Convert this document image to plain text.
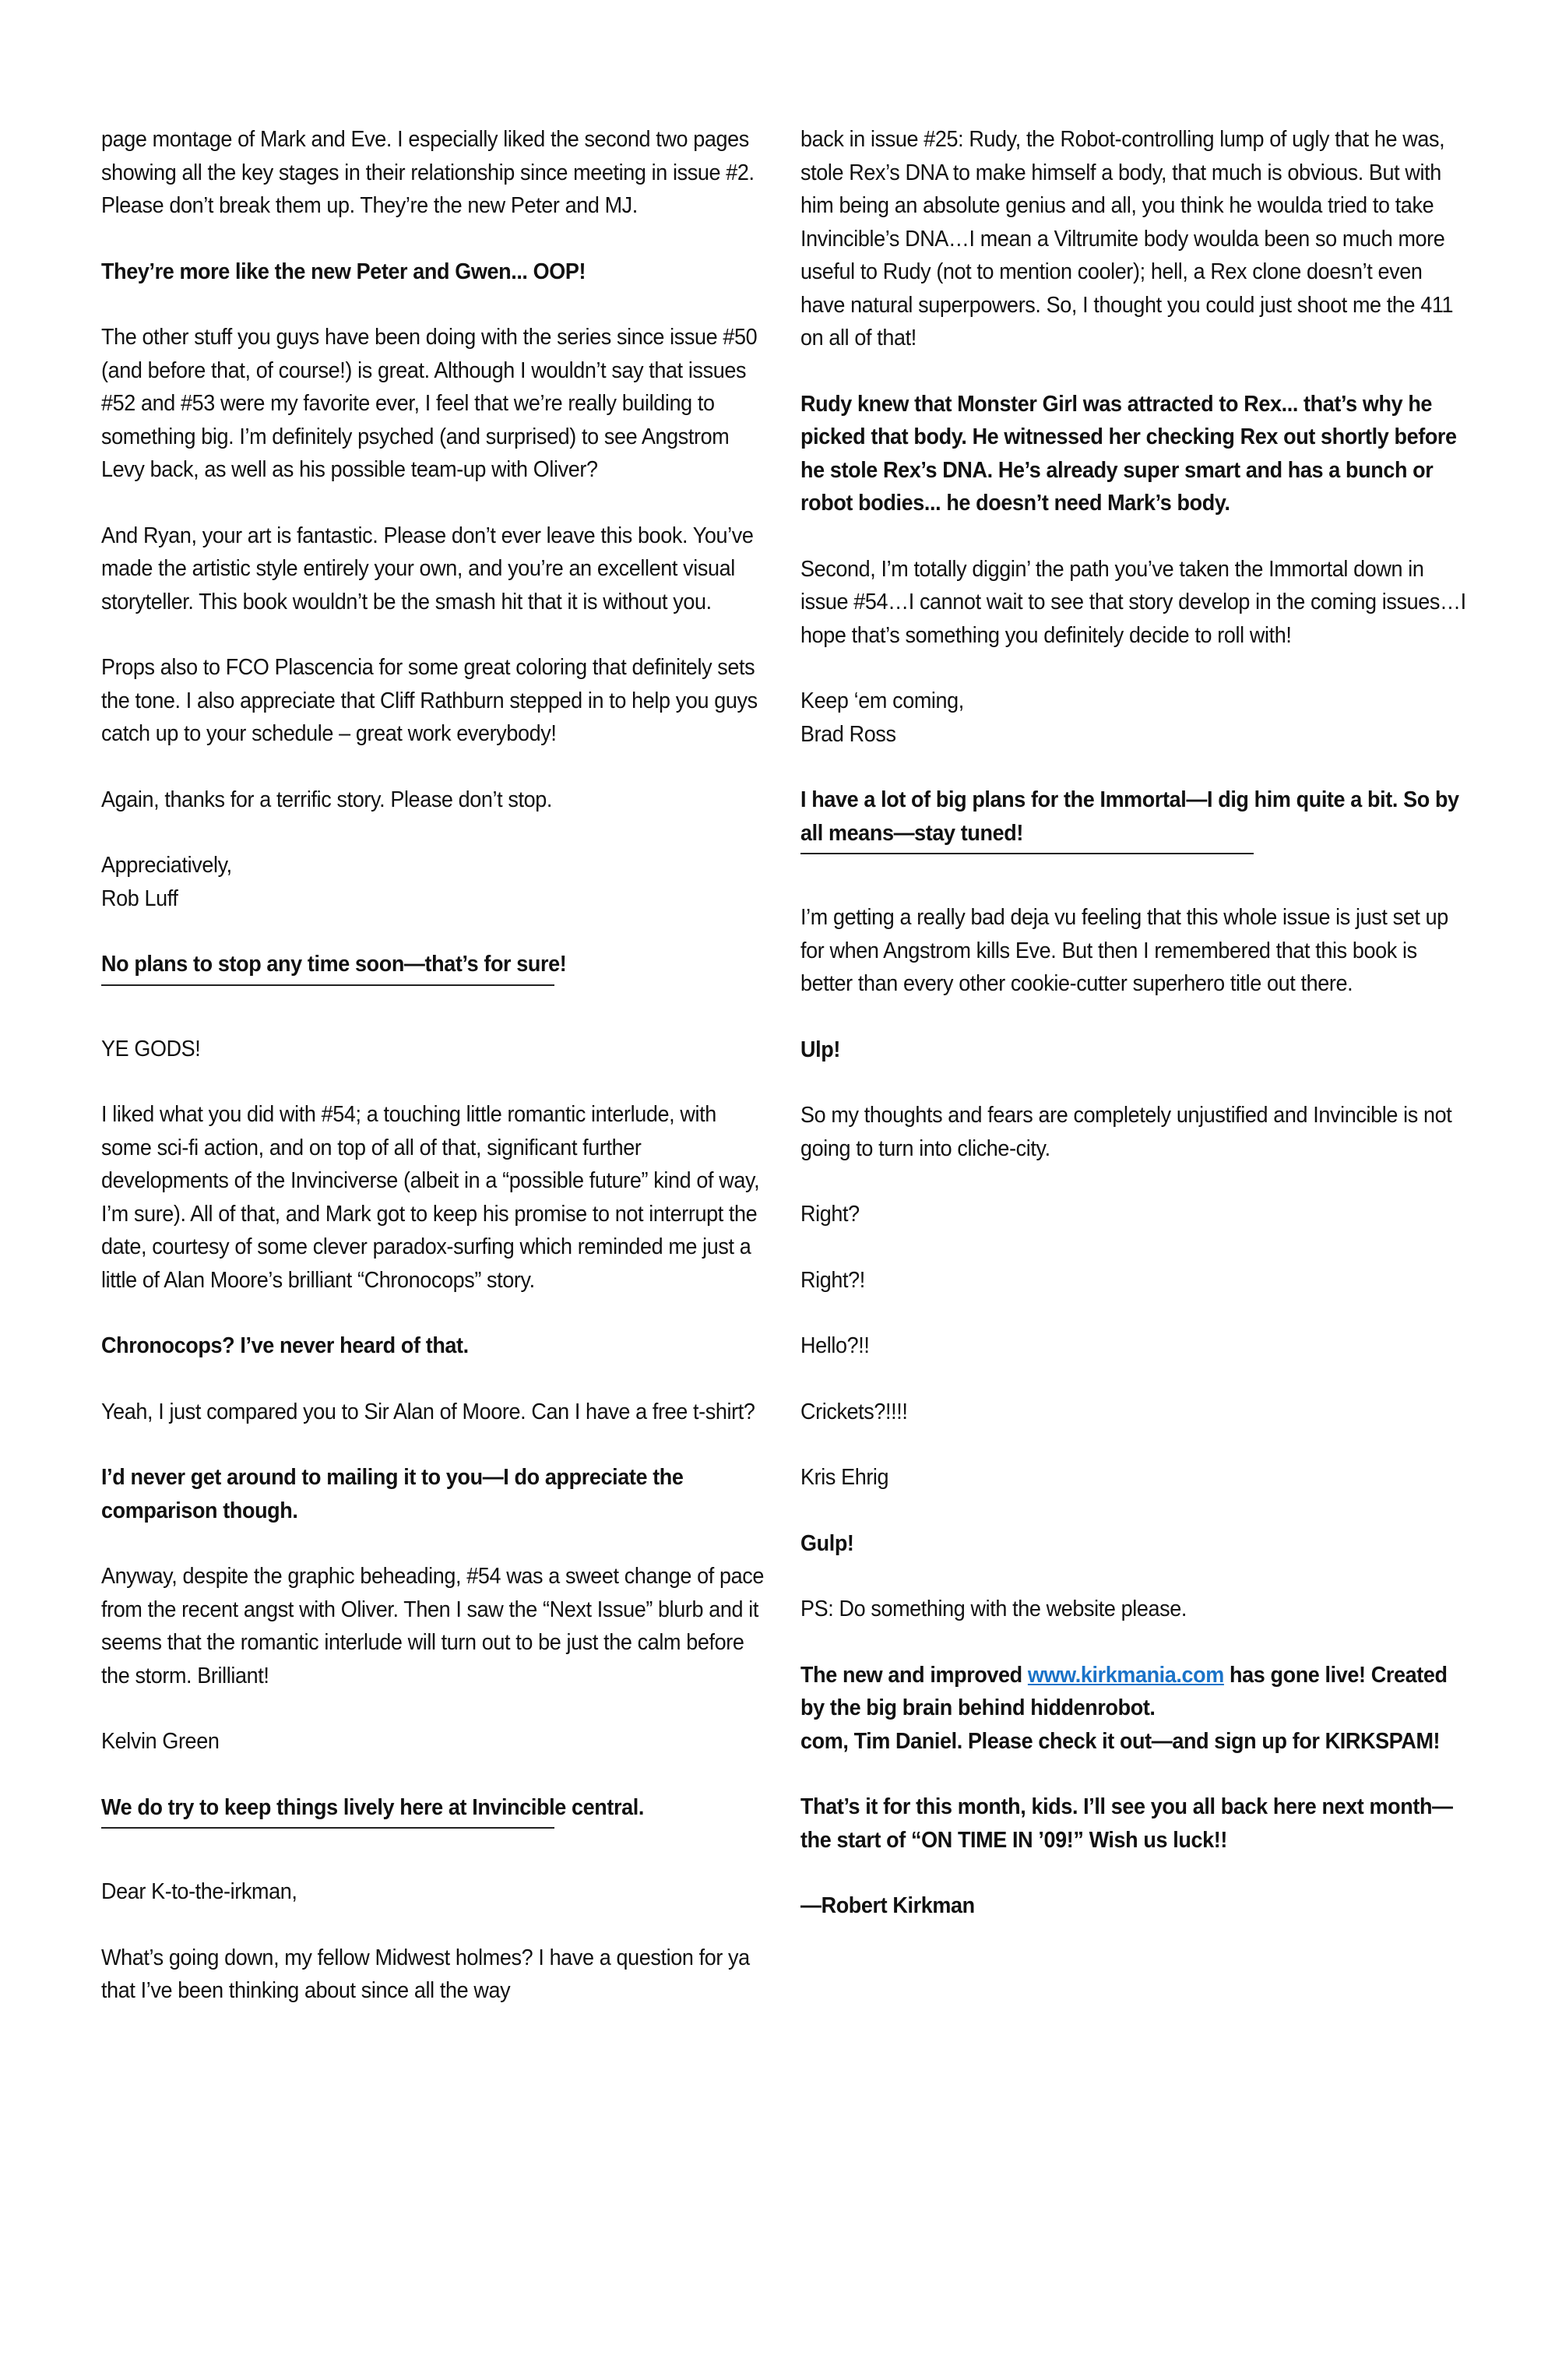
page montage of Mark and Eve. I especially liked the second two pages showing all the key stages in their relationship since meeting in issue #2. Please don’t break them up. They’re the new Peter and MJ.

They’re more like the new Peter and Gwen... OOP!

The other stuff you guys have been doing with the series since issue #50 (and before that, of course!) is great. Although I wouldn’t say that issues #52 and #53 were my favorite ever, I feel that we’re really building to something big. I’m definitely psyched (and surprised) to see Angstrom Levy back, as well as his possible team-up with Oliver?

And Ryan, your art is fantastic. Please don’t ever leave this book. You’ve made the artistic style entirely your own, and you’re an excellent visual storyteller. This book wouldn’t be the smash hit that it is without you.

Props also to FCO Plascencia for some great coloring that definitely sets the tone. I also appreciate that Cliff Rathburn stepped in to help you guys catch up to your schedule – great work everybody!

Again, thanks for a terrific story. Please don’t stop.

Appreciatively,
Rob Luff

No plans to stop any time soon—that’s for sure!

YE GODS!

I liked what you did with #54; a touching little romantic interlude, with some sci-fi action, and on top of all of that, significant further developments of the Invinciverse (albeit in a “possible future” kind of way, I’m sure). All of that, and Mark got to keep his promise to not interrupt the date, courtesy of some clever paradox-surfing which reminded me just a little of Alan Moore’s brilliant “Chronocops” story.

Chronocops? I’ve never heard of that.

Yeah, I just compared you to Sir Alan of Moore. Can I have a free t-shirt?

I’d never get around to mailing it to you—I do appreciate the comparison though.

Anyway, despite the graphic beheading, #54 was a sweet change of pace from the recent angst with Oliver. Then I saw the “Next Issue” blurb and it seems that the romantic interlude will turn out to be just the calm before the storm. Brilliant!

Kelvin Green

We do try to keep things lively here at Invincible central.

Dear K-to-the-irkman,

What’s going down, my fellow Midwest holmes? I have a question for ya that I’ve been thinking about since all the way

back in issue #25: Rudy, the Robot-controlling lump of ugly that he was, stole Rex’s DNA to make himself a body, that much is obvious. But with him being an absolute genius and all, you think he woulda tried to take Invincible’s DNA…I mean a Viltrumite body woulda been so much more useful to Rudy (not to mention cooler); hell, a Rex clone doesn’t even have natural superpowers. So, I thought you could just shoot me the 411 on all of that!

Rudy knew that Monster Girl was attracted to Rex... that’s why he picked that body. He witnessed her checking Rex out shortly before he stole Rex’s DNA. He’s already super smart and has a bunch or robot bodies... he doesn’t need Mark’s body.

Second, I’m totally diggin’ the path you’ve taken the Immortal down in issue #54…I cannot wait to see that story develop in the coming issues…I hope that’s something you definitely decide to roll with!

Keep ‘em coming,
Brad Ross

I have a lot of big plans for the Immortal—I dig him quite a bit. So by all means—stay tuned!

I’m getting a really bad deja vu feeling that this whole issue is just set up for when Angstrom kills Eve. But then I remembered that this book is better than every other cookie-cutter superhero title out there.

Ulp!

So my thoughts and fears are completely unjustified and Invincible is not going to turn into cliche-city.

Right?

Right?!

Hello?!!

Crickets?!!!!

Kris Ehrig

Gulp!

PS: Do something with the website please.

The new and improved www.kirkmania.com has gone live! Created by the big brain behind hiddenrobot.
com, Tim Daniel. Please check it out—and sign up for KIRKSPAM!

That’s it for this month, kids. I’ll see you all back here next month—the start of “ON TIME IN ’09!” Wish us luck!!

—Robert Kirkman
